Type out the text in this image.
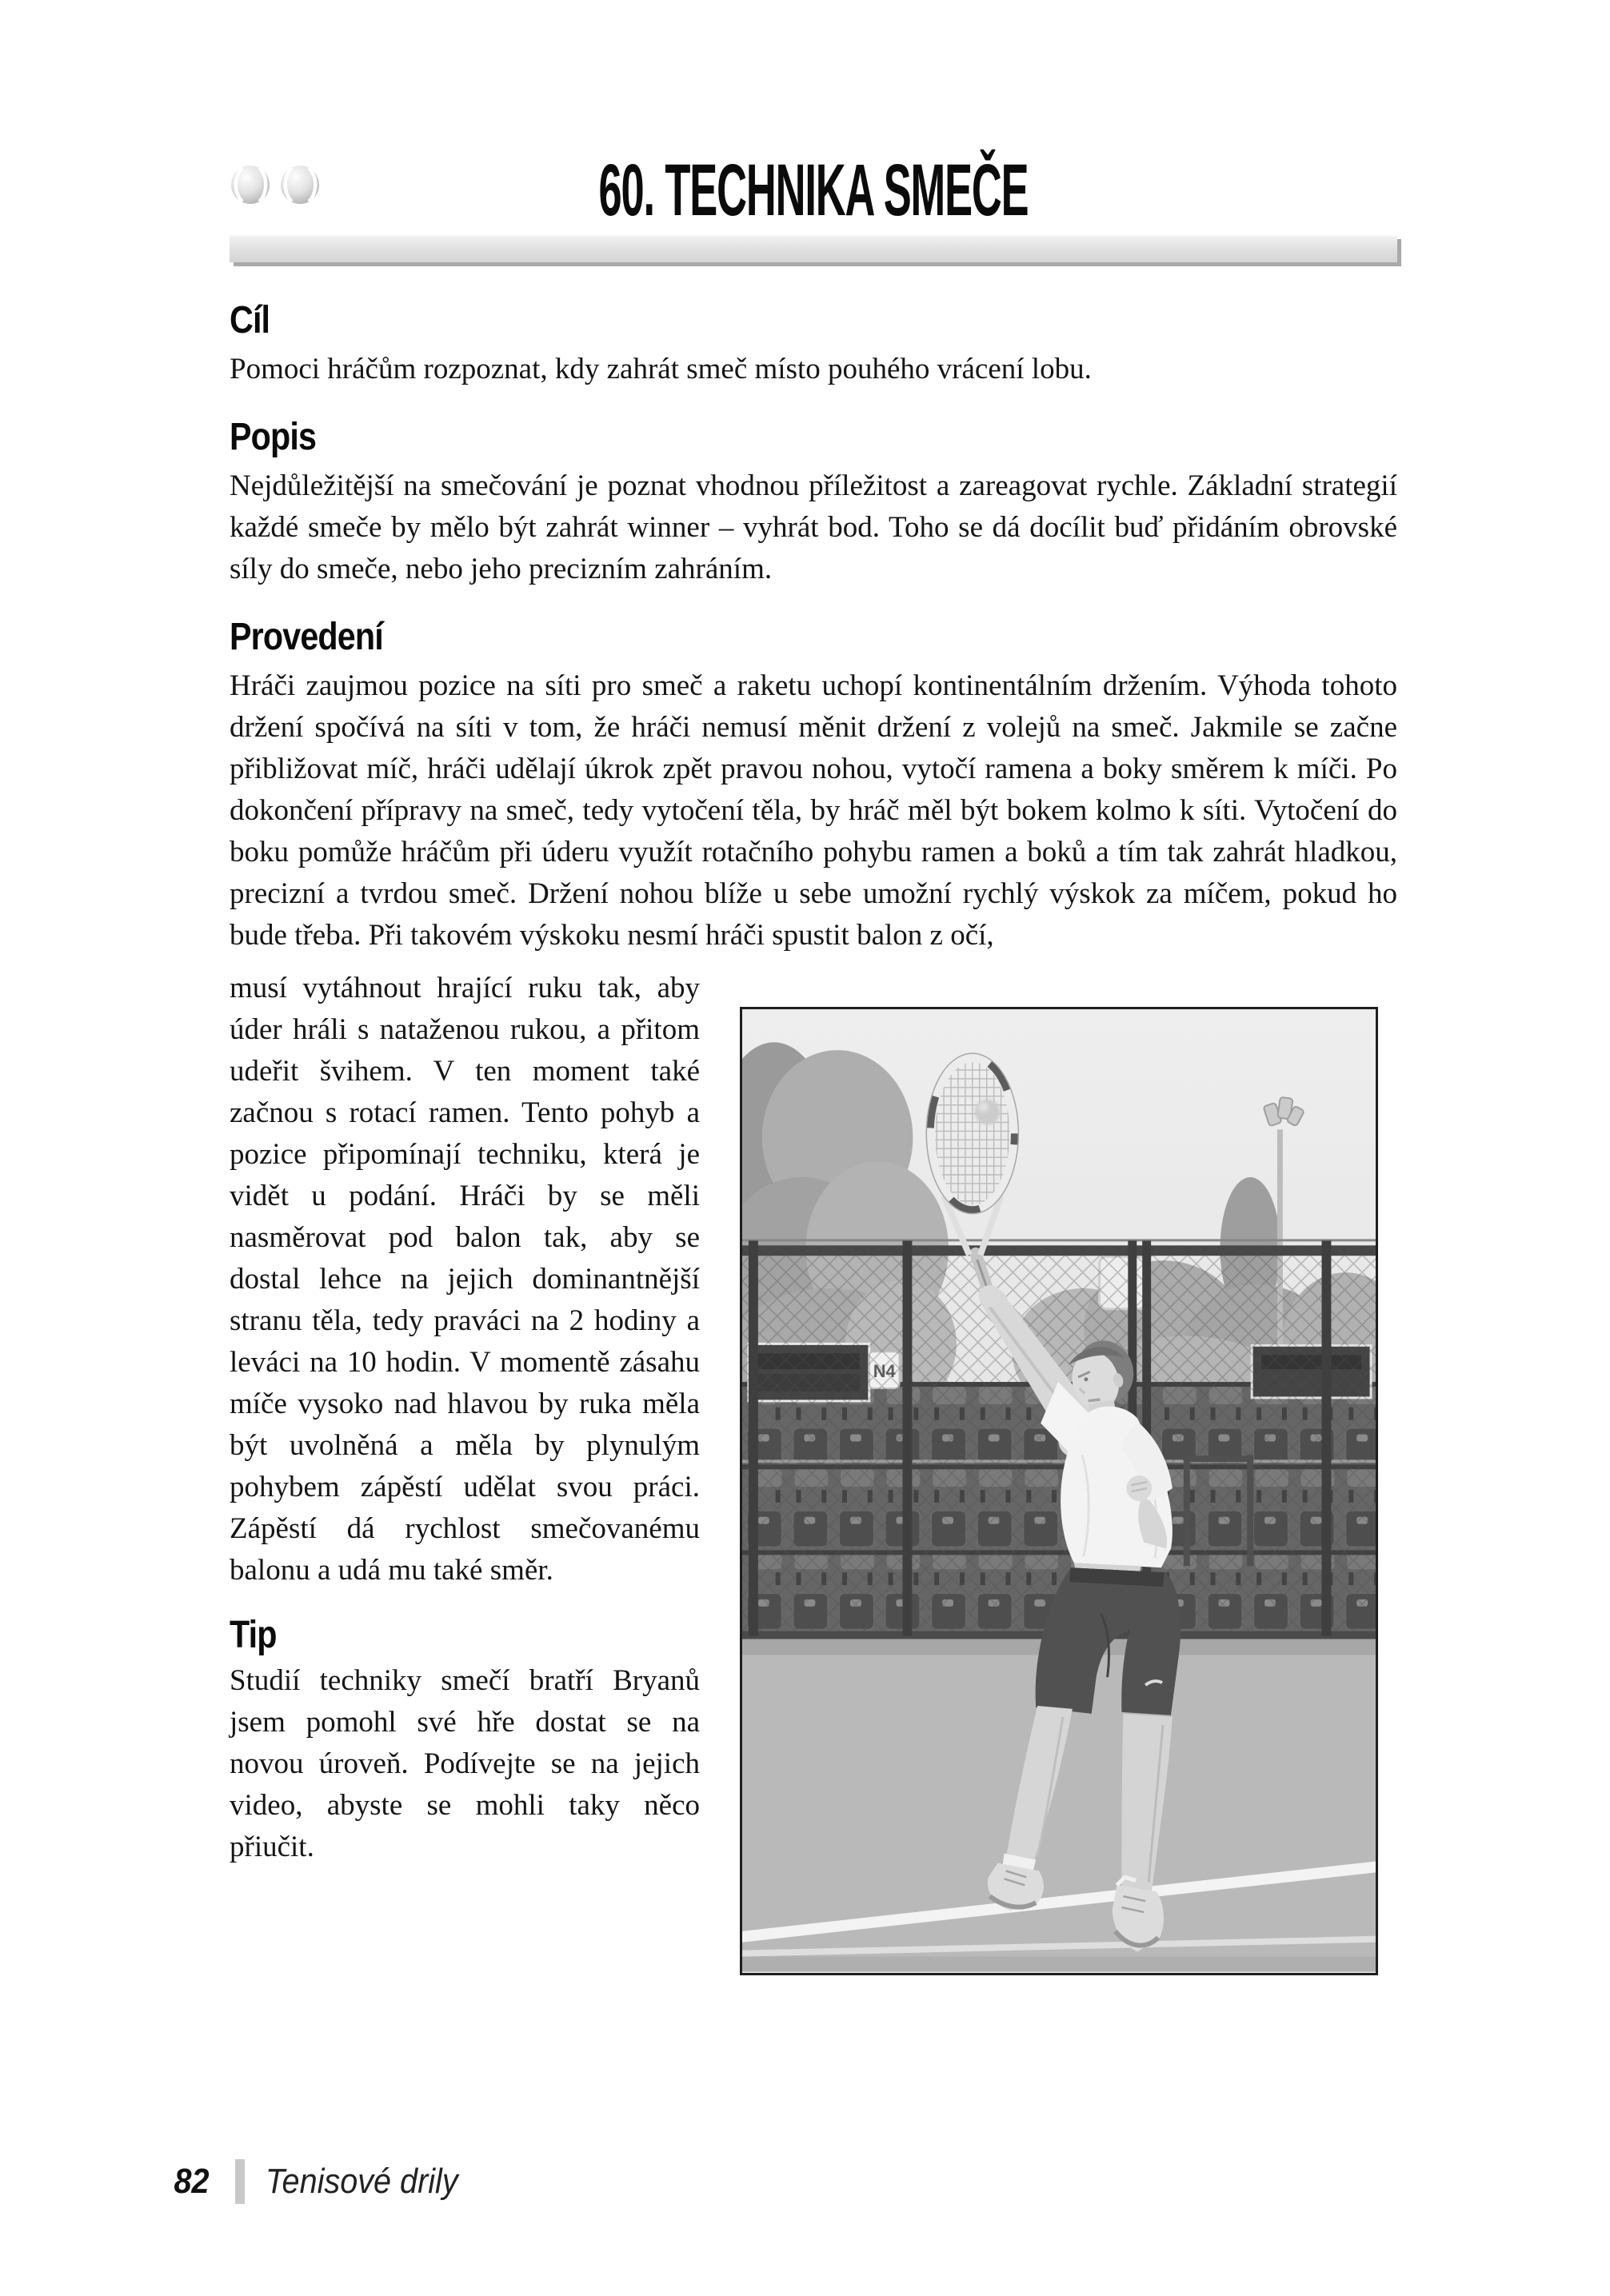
60. TECHNIKA SMEČE
Cíl

Pomoci hráčům rozpoznat, kdy zahrát smeč místo pouhého vrácení lobu.

Popis

Nejdůležitější na smečování je poznat vhodnou příležitost a zareagovat rychle. Základní strategií každé smeče by mělo být zahrát winner – vyhrát bod. Toho se dá docílit buď přidáním obrovské síly do smeče, nebo jeho precizním zahráním.

Provedení

Hráči zaujmou pozice na síti pro smeč a raketu uchopí kontinentálním držením. Výhoda tohoto držení spočívá na síti v tom, že hráči nemusí měnit držení z volejů na smeč. Jakmile se začne přibližovat míč, hráči udělají úkrok zpět pravou nohou, vytočí ramena a boky směrem k míči. Po dokončení přípravy na smeč, tedy vytočení těla, by hráč měl být bokem kolmo k síti. Vytočení do boku pomůže hráčům při úderu využít rotačního pohybu ramen a boků a tím tak zahrát hladkou, precizní a tvrdou smeč. Držení nohou blíže u sebe umožní rychlý výskok za míčem, pokud ho bude třeba. Při takovém výskoku nesmí hráči spustit balon z očí,

musí vytáhnout hrající ruku tak, aby úder hráli s nataženou rukou, a přitom udeřit švihem. V ten moment také začnou s rotací ramen. Tento pohyb a pozice připomínají techniku, která je vidět u podání. Hráči by se měli nasměrovat pod balon tak, aby se dostal lehce na jejich dominantnější stranu těla, tedy praváci na 2 hodiny a leváci na 10 hodin. V momentě zásahu míče vysoko nad hlavou by ruka měla být uvolněná a měla by plynulým pohybem zápěstí udělat svou práci. Zápěstí dá rychlost smečovanému balonu a udá mu také směr.

Tip

Studií techniky smečí bratří Bryanů jsem pomohl své hře dostat se na novou úroveň. Podívejte se na jejich video, abyste se mohli taky něco přiučit.

82 Tenisové drily
